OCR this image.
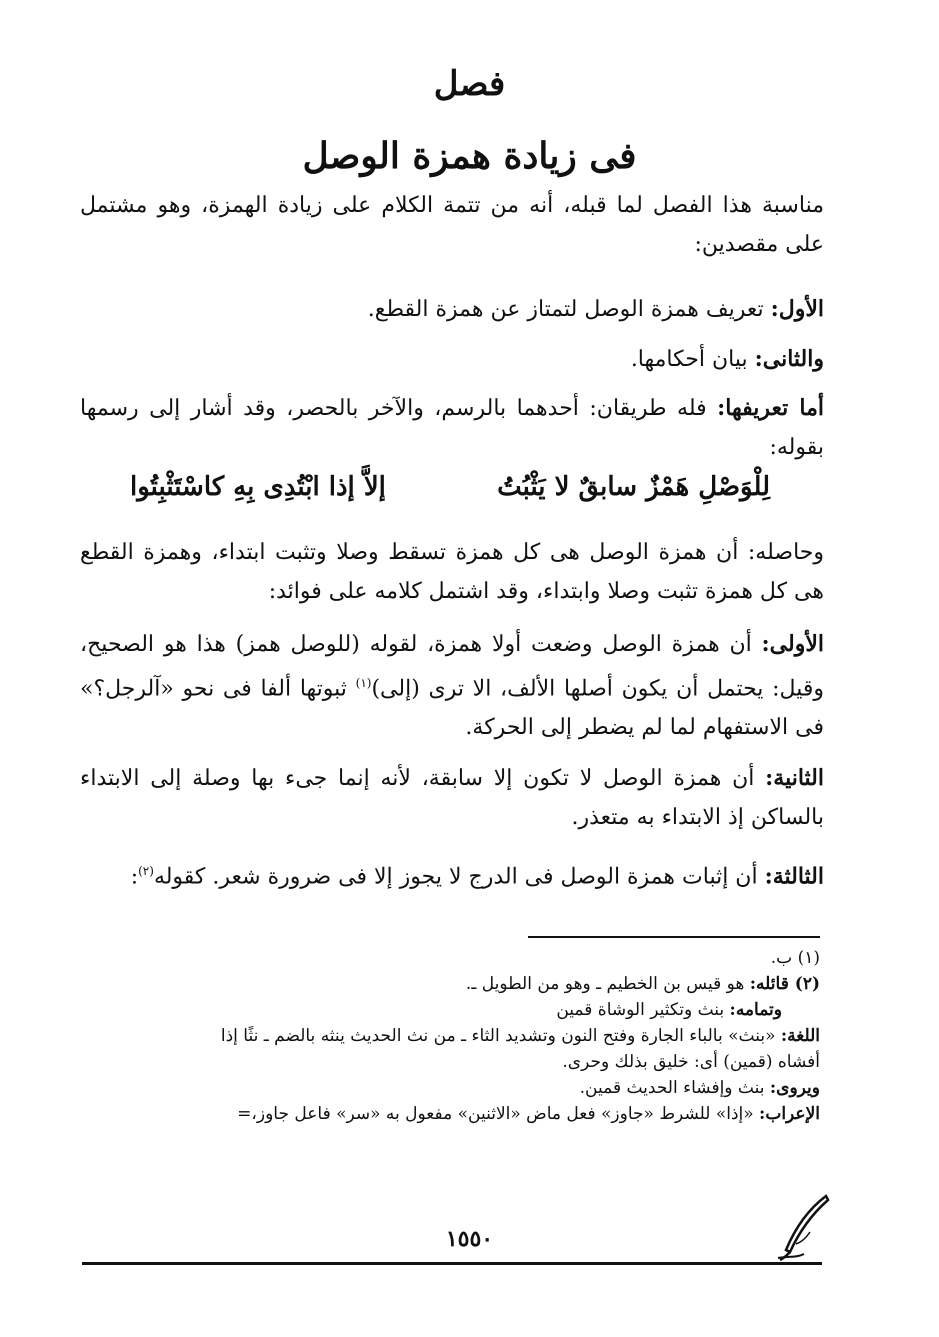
فصل
فى زيادة همزة الوصل
مناسبة هذا الفصل لما قبله، أنه من تتمة الكلام على زيادة الهمزة، وهو مشتمل على مقصدين:
الأول: تعريف همزة الوصل لتمتاز عن همزة القطع.
والثانى: بيان أحكامها.
أما تعريفها: فله طريقان: أحدهما بالرسم، والآخر بالحصر، وقد أشار إلى رسمها بقوله:
لِلْوَصْلِ هَمْزٌ سابقٌ لا يَثْبُتُ
إلاَّ إذا ابْتُدِى بِهِ كاسْتَثْبِتُوا
وحاصله: أن همزة الوصل هى كل همزة تسقط وصلا وتثبت ابتداء، وهمزة القطع هى كل همزة تثبت وصلا وابتداء، وقد اشتمل كلامه على فوائد:
الأولى: أن همزة الوصل وضعت أولا همزة، لقوله (للوصل همز) هذا هو الصحيح، وقيل: يحتمل أن يكون أصلها الألف، الا ترى (إلى)$^{(١)}$ ثبوتها ألفا فى نحو «آلرجل؟» فى الاستفهام لما لم يضطر إلى الحركة.
الثانية: أن همزة الوصل لا تكون إلا سابقة، لأنه إنما جىء بها وصلة إلى الابتداء بالساكن إذ الابتداء به متعذر.
الثالثة: أن إثبات همزة الوصل فى الدرج لا يجوز إلا فى ضرورة شعر. كقوله$^{(٢)}$:
(١) ب.
(٢) قائله: هو قيس بن الخطيم ـ وهو من الطويل ـ.
وتمامه: بنث وتكثير الوشاة قمين
اللغة: «بنث» بالباء الجارة وفتح النون وتشديد الثاء ـ من نث الحديث ينثه بالضم ـ نثًا إذا
أفشاه (قمين) أى: خليق بذلك وحرى.
ويروى: بنث وإفشاء الحديث قمين.
الإعراب: «إذا» للشرط «جاوز» فعل ماض «الاثنين» مفعول به «سر» فاعل جاوز،=
١٥٥٠
